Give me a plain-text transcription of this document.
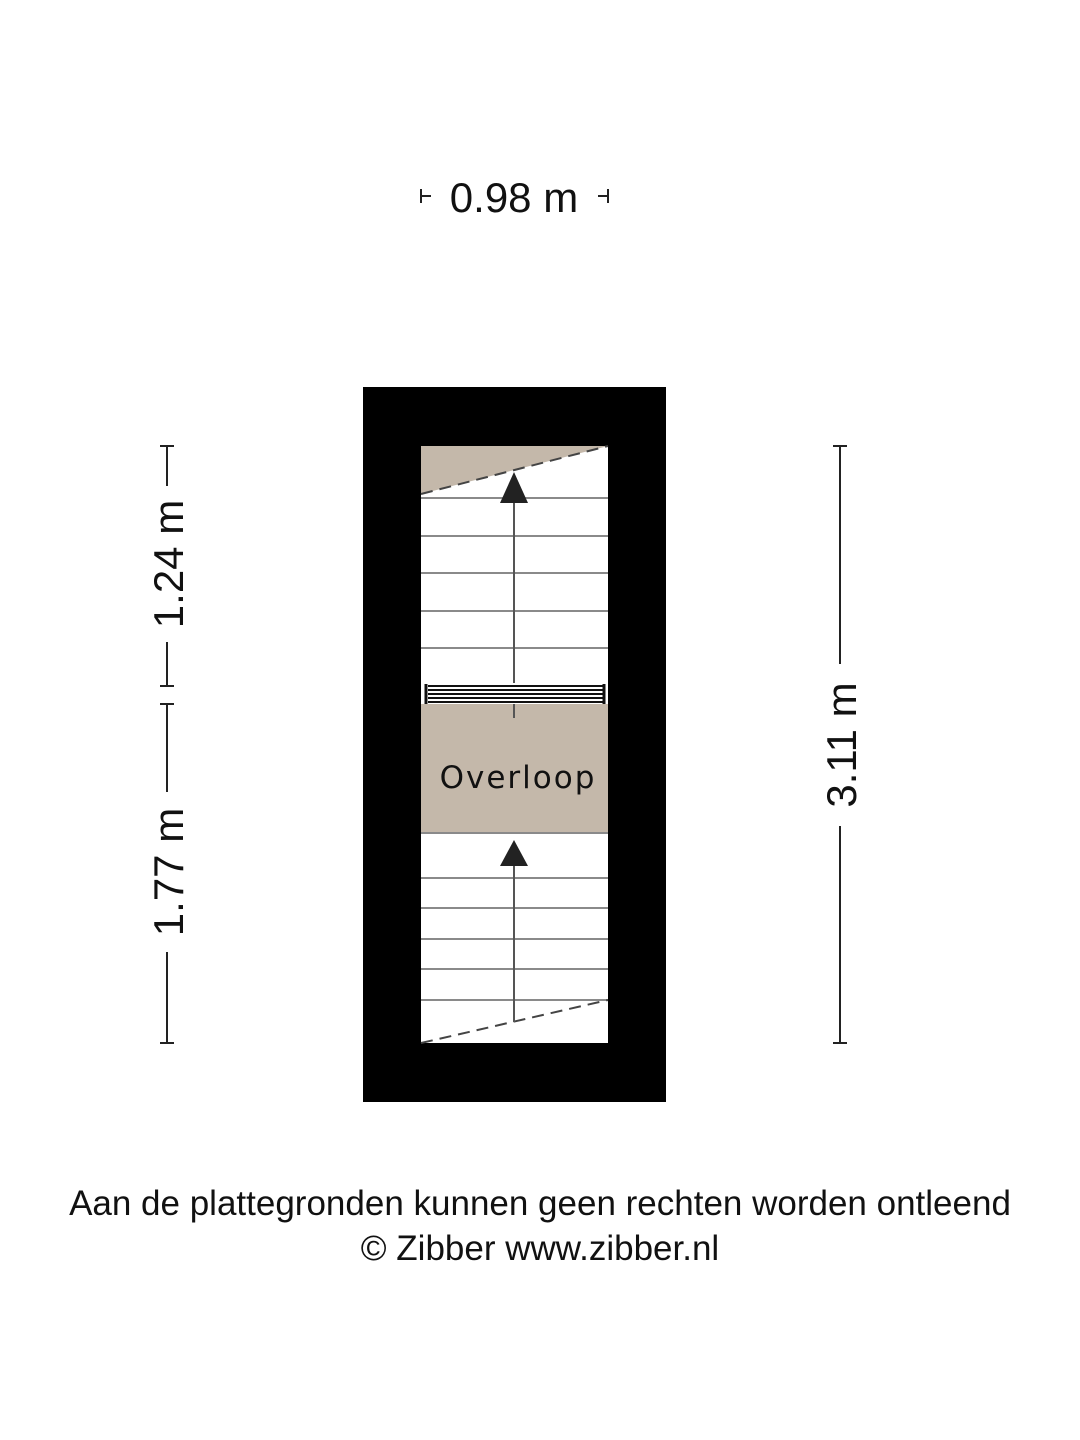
Overloop
0.98 m
1.24 m
1.77 m
3.11 m
Aan de plattegronden kunnen geen rechten worden ontleend
© Zibber www.zibber.nl
